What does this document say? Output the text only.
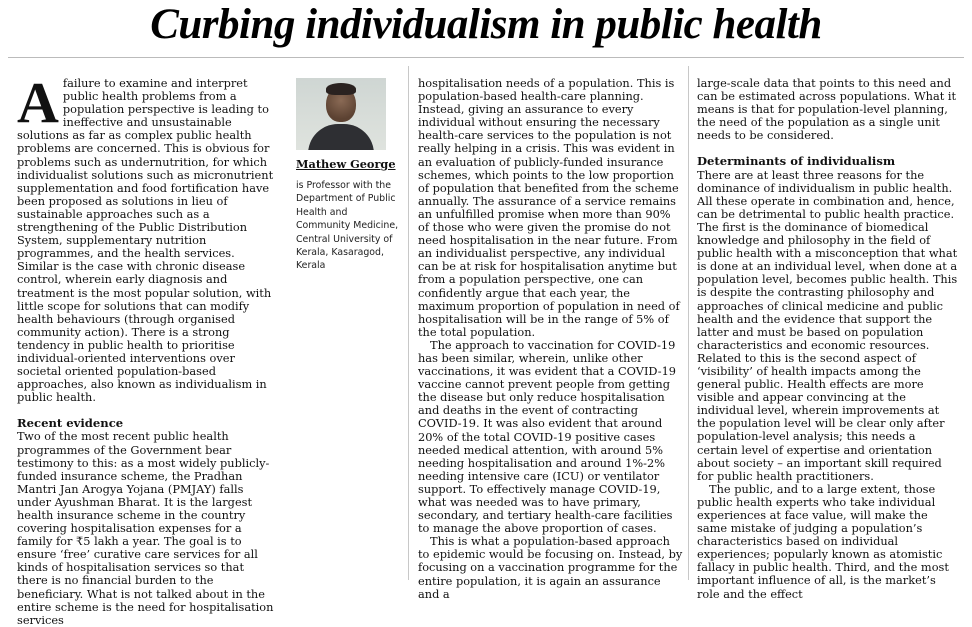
Curbing individualism in public health

Afailure to examine and interpret public health problems from a population perspective is leading to ineffective and unsustainable solutions as far as complex public health problems are concerned. This is obvious for problems such as undernutrition, for which individualist solutions such as micronutrient supplementation and food fortification have been proposed as solutions in lieu of sustainable approaches such as a strengthening of the Public Distribution System, supplementary nutrition programmes, and the health services. Similar is the case with chronic disease control, wherein early diagnosis and treatment is the most popular solution, with little scope for solutions that can modify health behaviours (through organised community action). There is a strong tendency in public health to prioritise individual-oriented interventions over societal oriented population-based approaches, also known as individualism in public health.

Recent evidence

Two of the most recent public health programmes of the Government bear testimony to this: as a most widely publicly-funded insurance scheme, the Pradhan Mantri Jan Arogya Yojana (PMJAY) falls under Ayushman Bharat. It is the largest health insurance scheme in the country covering hospitalisation expenses for a family for ₹5 lakh a year. The goal is to ensure ‘free’ curative care services for all kinds of hospitalisation services so that there is no financial burden to the beneficiary. What is not talked about in the entire scheme is the need for hospitalisation services

Mathew George
is Professor with the Department of Public Health and Community Medicine, Central University of Kerala, Kasaragod, Kerala

hospitalisation needs of a population. This is population-based health-care planning. Instead, giving an assurance to every individual without ensuring the necessary health-care services to the population is not really helping in a crisis. This was evident in an evaluation of publicly-funded insurance schemes, which points to the low proportion of population that benefited from the scheme annually. The assurance of a service remains an unfulfilled promise when more than 90% of those who were given the promise do not need hospitalisation in the near future. From an individualist perspective, any individual can be at risk for hospitalisation anytime but from a population perspective, one can confidently argue that each year, the maximum proportion of population in need of hospitalisation will be in the range of 5% of the total population.

The approach to vaccination for COVID-19 has been similar, wherein, unlike other vaccinations, it was evident that a COVID-19 vaccine cannot prevent people from getting the disease but only reduce hospitalisation and deaths in the event of contracting COVID-19. It was also evident that around 20% of the total COVID-19 positive cases needed medical attention, with around 5% needing hospitalisation and around 1%-2% needing intensive care (ICU) or ventilator support. To effectively manage COVID-19, what was needed was to have primary, secondary, and tertiary health-care facilities to manage the above proportion of cases.

This is what a population-based approach to epidemic would be focusing on. Instead, by focusing on a vaccination programme for the entire population, it is again an assurance and a

large-scale data that points to this need and can be estimated across populations. What it means is that for population-level planning, the need of the population as a single unit needs to be considered.

Determinants of individualism

There are at least three reasons for the dominance of individualism in public health. All these operate in combination and, hence, can be detrimental to public health practice. The first is the dominance of biomedical knowledge and philosophy in the field of public health with a misconception that what is done at an individual level, when done at a population level, becomes public health. This is despite the contrasting philosophy and approaches of clinical medicine and public health and the evidence that support the latter and must be based on population characteristics and economic resources. Related to this is the second aspect of ‘visibility’ of health impacts among the general public. Health effects are more visible and appear convincing at the individual level, wherein improvements at the population level will be clear only after population-level analysis; this needs a certain level of expertise and orientation about society – an important skill required for public health practitioners.

The public, and to a large extent, those public health experts who take individual experiences at face value, will make the same mistake of judging a population’s characteristics based on individual experiences; popularly known as atomistic fallacy in public health. Third, and the most important influence of all, is the market’s role and the effect
